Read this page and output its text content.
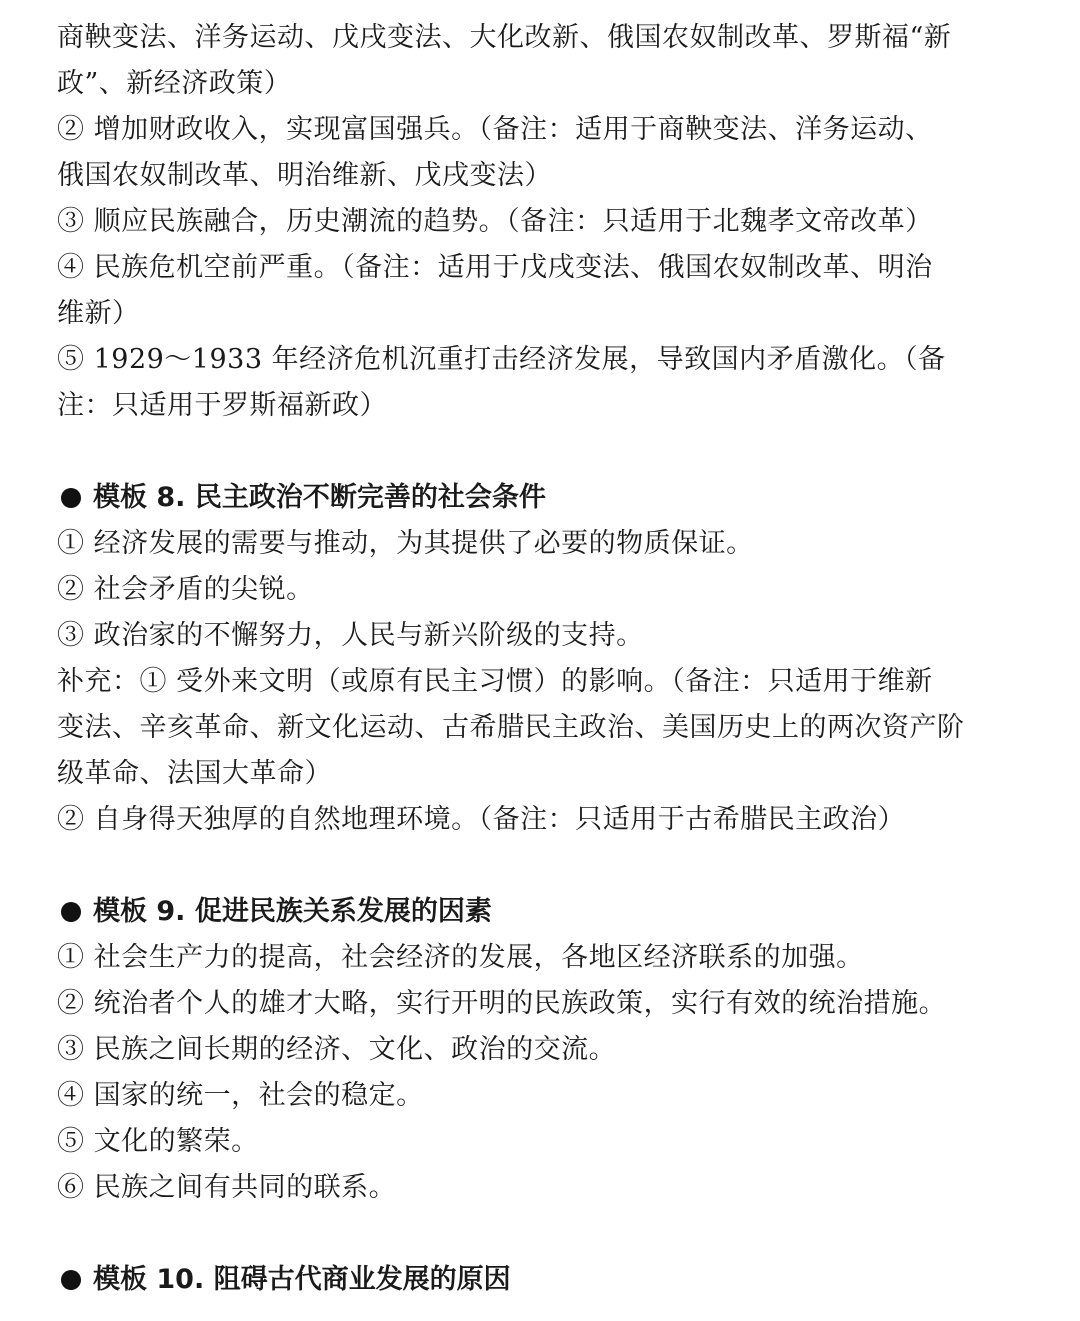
商鞅变法、洋务运动、戊戌变法、大化改新、俄国农奴制改革、罗斯福“新
政”、新经济政策）
② 增加财政收入，实现富国强兵。（备注：适用于商鞅变法、洋务运动、
俄国农奴制改革、明治维新、戊戌变法）
③ 顺应民族融合，历史潮流的趋势。（备注：只适用于北魏孝文帝改革）
④ 民族危机空前严重。（备注：适用于戊戌变法、俄国农奴制改革、明治
维新）
⑤ 1929～1933 年经济危机沉重打击经济发展，导致国内矛盾激化。（备
注：只适用于罗斯福新政）
模板 8. 民主政治不断完善的社会条件
① 经济发展的需要与推动，为其提供了必要的物质保证。
② 社会矛盾的尖锐。
③ 政治家的不懈努力，人民与新兴阶级的支持。
补充：① 受外来文明（或原有民主习惯）的影响。（备注：只适用于维新
变法、辛亥革命、新文化运动、古希腊民主政治、美国历史上的两次资产阶
级革命、法国大革命）
② 自身得天独厚的自然地理环境。（备注：只适用于古希腊民主政治）
模板 9. 促进民族关系发展的因素
① 社会生产力的提高，社会经济的发展，各地区经济联系的加强。
② 统治者个人的雄才大略，实行开明的民族政策，实行有效的统治措施。
③ 民族之间长期的经济、文化、政治的交流。
④ 国家的统一，社会的稳定。
⑤ 文化的繁荣。
⑥ 民族之间有共同的联系。
模板 10. 阻碍古代商业发展的原因
